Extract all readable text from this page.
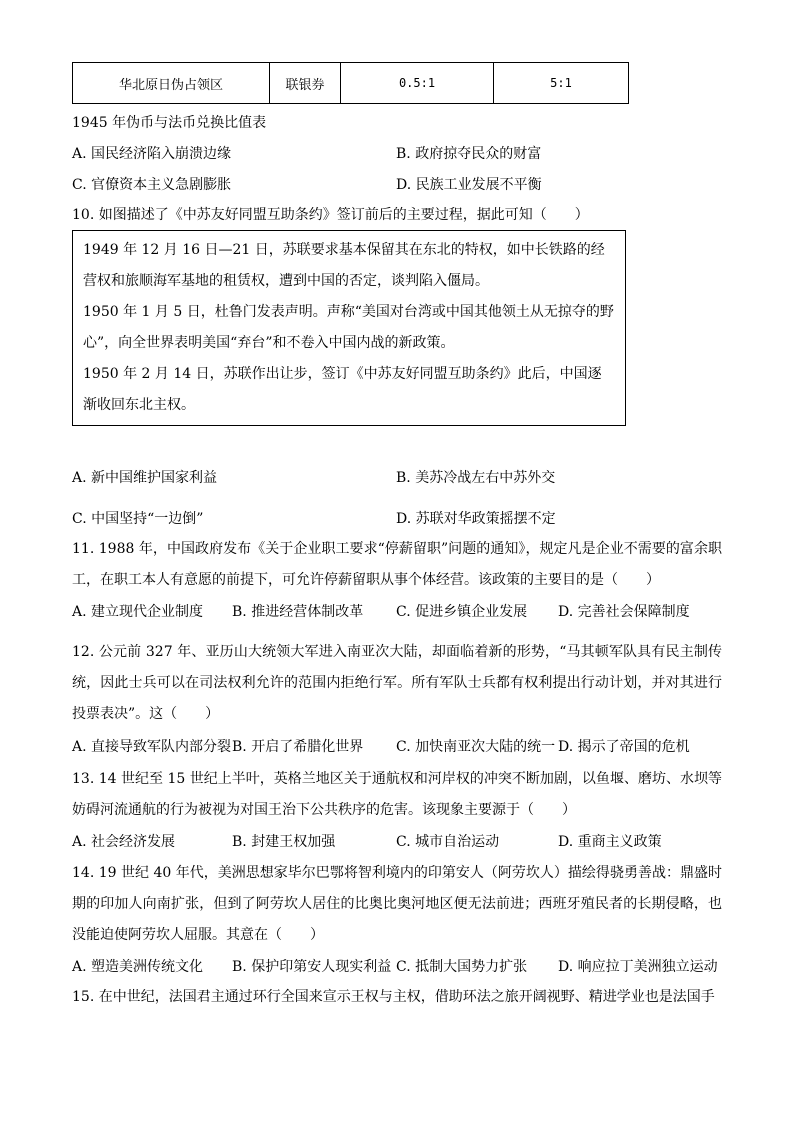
华北原日伪占领区	联银券	0.5:1	5:1
1945 年伪币与法币兑换比值表
A. 国民经济陷入崩溃边缘	B. 政府掠夺民众的财富
C. 官僚资本主义急剧膨胀	D. 民族工业发展不平衡
10. 如图描述了《中苏友好同盟互助条约》签订前后的主要过程，据此可知（　　）

1949 年 12 月 16 日—21 日，苏联要求基本保留其在东北的特权，如中长铁路的经营权和旅顺海军基地的租赁权，遭到中国的否定，谈判陷入僵局。

1950 年 1 月 5 日，杜鲁门发表声明。声称“美国对台湾或中国其他领土从无掠夺的野心”，向全世界表明美国“弃台”和不卷入中国内战的新政策。

1950 年 2 月 14 日，苏联作出让步，签订《中苏友好同盟互助条约》此后，中国逐渐收回东北主权。

A. 新中国维护国家利益	B. 美苏冷战左右中苏外交
C. 中国坚持“一边倒”	D. 苏联对华政策摇摆不定
11. 1988 年，中国政府发布《关于企业职工要求“停薪留职”问题的通知》，规定凡是企业不需要的富余职工，在职工本人有意愿的前提下，可允许停薪留职从事个体经营。该政策的主要目的是（　　）
A. 建立现代企业制度 B. 推进经营体制改革 C. 促进乡镇企业发展 D. 完善社会保障制度
12. 公元前 327 年、亚历山大统领大军进入南亚次大陆，却面临着新的形势，“马其顿军队具有民主制传统，因此士兵可以在司法权利允许的范围内拒绝行军。所有军队士兵都有权利提出行动计划，并对其进行投票表决”。这（　　）
A. 直接导致军队内部分裂 B. 开启了希腊化世界 C. 加快南亚次大陆的统一 D. 揭示了帝国的危机
13. 14 世纪至 15 世纪上半叶，英格兰地区关于通航权和河岸权的冲突不断加剧，以鱼堰、磨坊、水坝等妨碍河流通航的行为被视为对国王治下公共秩序的危害。该现象主要源于（　　）
A. 社会经济发展	B. 封建王权加强	C. 城市自治运动	D. 重商主义政策
14. 19 世纪 40 年代，美洲思想家毕尔巴鄂将智利境内的印第安人（阿劳坎人）描绘得骁勇善战：鼎盛时期的印加人向南扩张，但到了阿劳坎人居住的比奥比奥河地区便无法前进；西班牙殖民者的长期侵略，也没能迫使阿劳坎人屈服。其意在（　　）
A. 塑造美洲传统文化 B. 保护印第安人现实利益 C. 抵制大国势力扩张 D. 响应拉丁美洲独立运动
15. 在中世纪，法国君主通过环行全国来宣示王权与主权，借助环法之旅开阔视野、精进学业也是法国手
